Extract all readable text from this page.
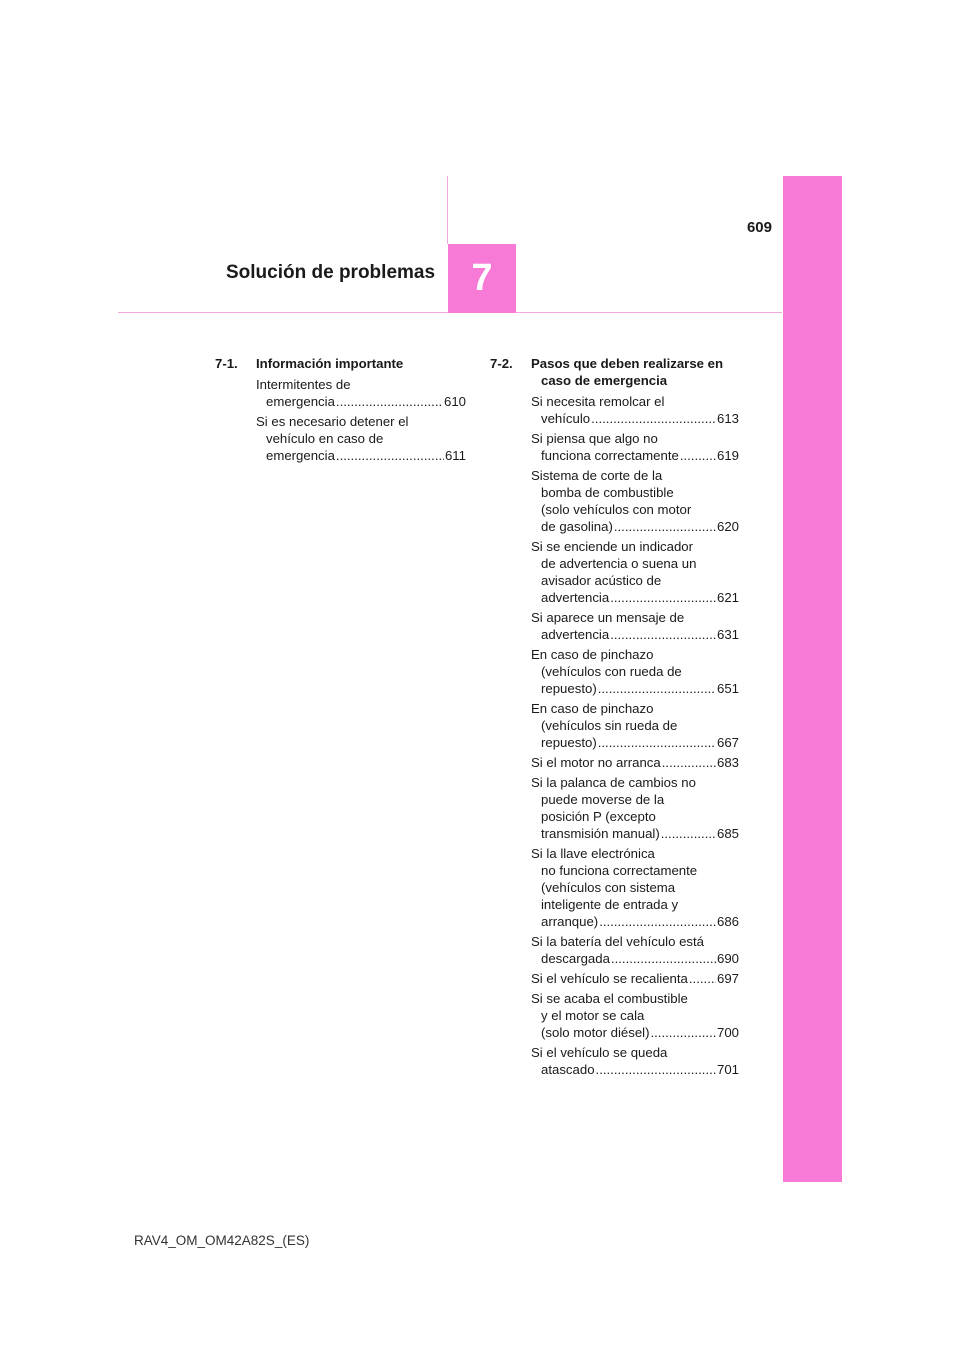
7
Solución de problemas
609
7-1.	Información importante
Intermitentes de
emergencia .....	610
Si es necesario detener el
vehículo en caso de
emergencia .....	611
7-2.	Pasos que deben realizarse en caso de emergencia
Si necesita remolcar el
vehículo .....	613
Si piensa que algo no
funciona correctamente .....	619
Sistema de corte de la
bomba de combustible
(solo vehículos con motor
de gasolina) .....	620
Si se enciende un indicador
de advertencia o suena un
avisador acústico de
advertencia .....	621
Si aparece un mensaje de
advertencia .....	631
En caso de pinchazo
(vehículos con rueda de
repuesto) .....	651
En caso de pinchazo
(vehículos sin rueda de
repuesto) .....	667
Si el motor no arranca .....	683
Si la palanca de cambios no
puede moverse de la
posición P (excepto
transmisión manual) .....	685
Si la llave electrónica
no funciona correctamente
(vehículos con sistema
inteligente de entrada y
arranque) .....	686
Si la batería del vehículo está
descargada .....	690
Si el vehículo se recalienta ..... 697
Si se acaba el combustible
y el motor se cala
(solo motor diésel) .....	700
Si el vehículo se queda
atascado .....	701
RAV4_OM_OM42A82S_(ES)
